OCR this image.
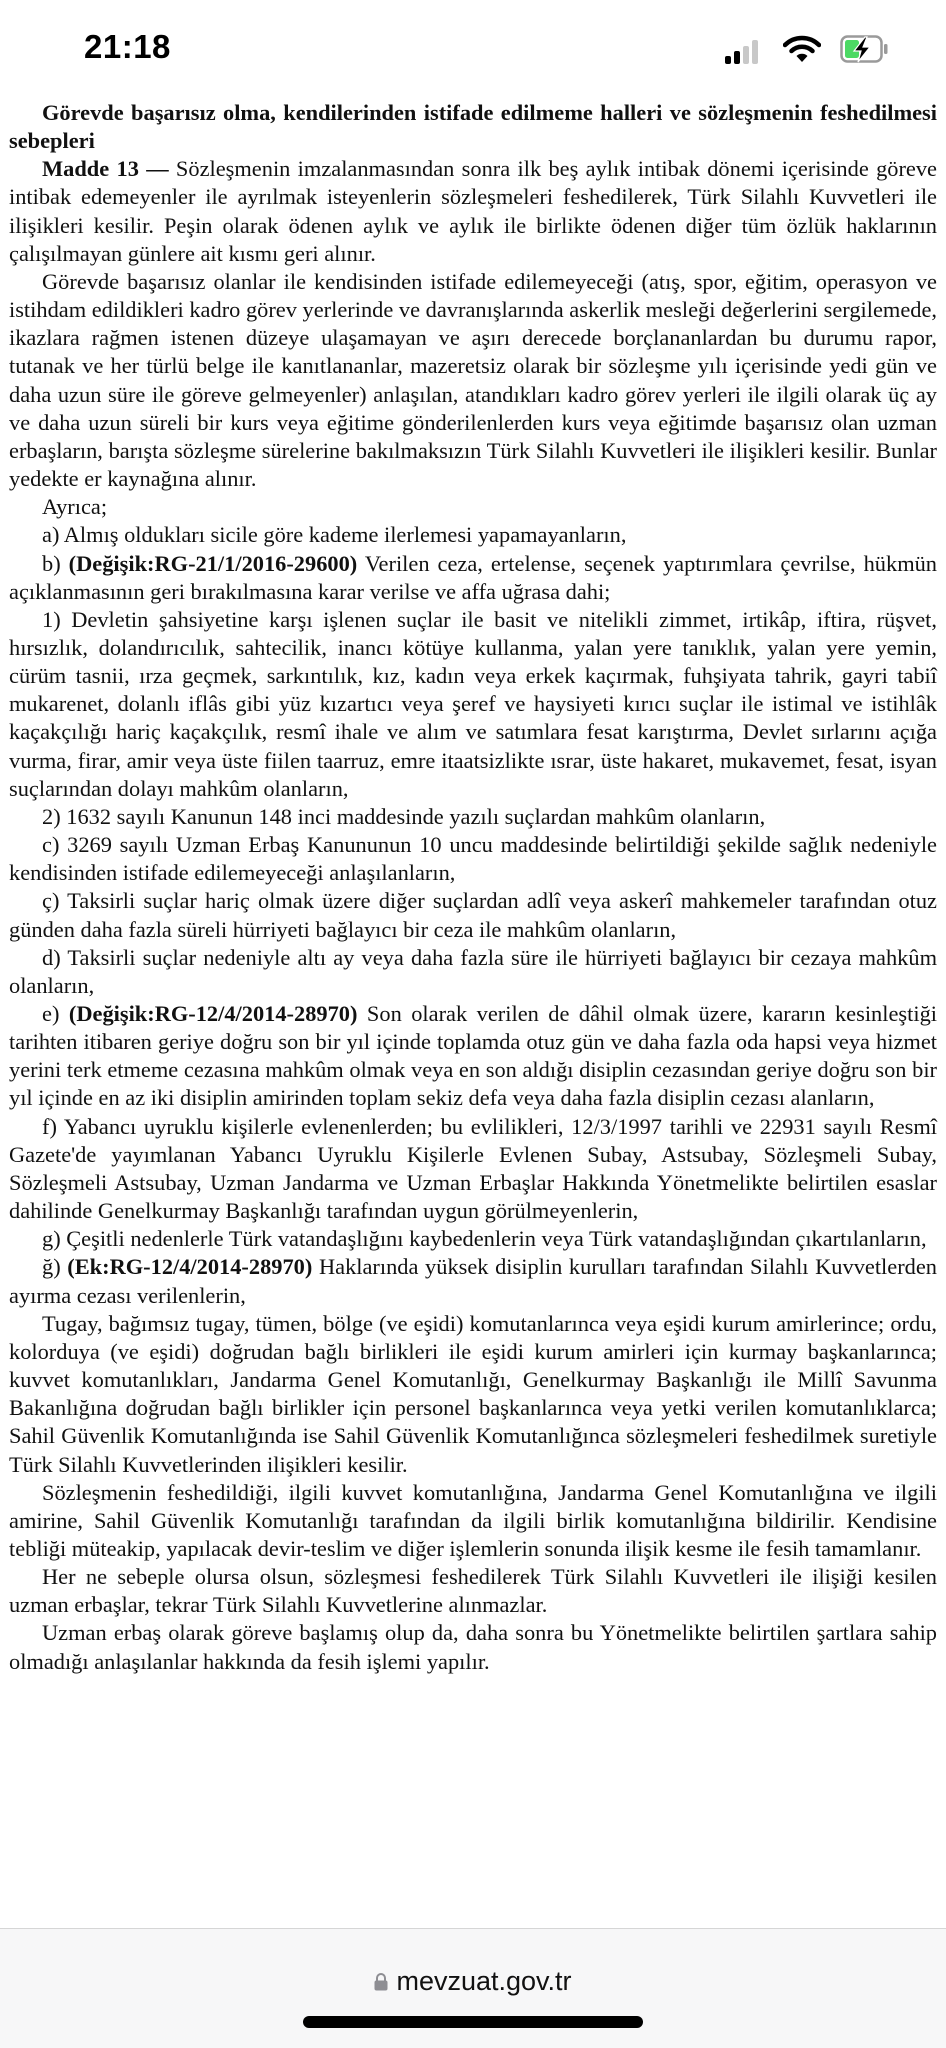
21:18

Görevde başarısız olma, kendilerinden istifade edilmeme halleri ve sözleşmenin feshedilmesi sebepleri

Madde 13 — Sözleşmenin imzalanmasından sonra ilk beş aylık intibak dönemi içerisinde göreve intibak edemeyenler ile ayrılmak isteyenlerin sözleşmeleri feshedilerek, Türk Silahlı Kuvvetleri ile ilişikleri kesilir. Peşin olarak ödenen aylık ve aylık ile birlikte ödenen diğer tüm özlük haklarının çalışılmayan günlere ait kısmı geri alınır.

Görevde başarısız olanlar ile kendisinden istifade edilemeyeceği (atış, spor, eğitim, operasyon ve istihdam edildikleri kadro görev yerlerinde ve davranışlarında askerlik mesleği değerlerini sergilemede, ikazlara rağmen istenen düzeye ulaşamayan ve aşırı derecede borçlananlardan bu durumu rapor, tutanak ve her türlü belge ile kanıtlananlar, mazeretsiz olarak bir sözleşme yılı içerisinde yedi gün ve daha uzun süre ile göreve gelmeyenler) anlaşılan, atandıkları kadro görev yerleri ile ilgili olarak üç ay ve daha uzun süreli bir kurs veya eğitime gönderilenlerden kurs veya eğitimde başarısız olan uzman erbaşların, barışta sözleşme sürelerine bakılmaksızın Türk Silahlı Kuvvetleri ile ilişikleri kesilir. Bunlar yedekte er kaynağına alınır.

Ayrıca;

a) Almış oldukları sicile göre kademe ilerlemesi yapamayanların,

b) (Değişik:RG-21/1/2016-29600) Verilen ceza, ertelense, seçenek yaptırımlara çevrilse, hükmün açıklanmasının geri bırakılmasına karar verilse ve affa uğrasa dahi;

1) Devletin şahsiyetine karşı işlenen suçlar ile basit ve nitelikli zimmet, irtikâp, iftira, rüşvet, hırsızlık, dolandırıcılık, sahtecilik, inancı kötüye kullanma, yalan yere tanıklık, yalan yere yemin, cürüm tasnii, ırza geçmek, sarkıntılık, kız, kadın veya erkek kaçırmak, fuhşiyata tahrik, gayri tabiî mukarenet, dolanlı iflâs gibi yüz kızartıcı veya şeref ve haysiyeti kırıcı suçlar ile istimal ve istihlâk kaçakçılığı hariç kaçakçılık, resmî ihale ve alım ve satımlara fesat karıştırma, Devlet sırlarını açığa vurma, firar, amir veya üste fiilen taarruz, emre itaatsizlikte ısrar, üste hakaret, mukavemet, fesat, isyan suçlarından dolayı mahkûm olanların,

2) 1632 sayılı Kanunun 148 inci maddesinde yazılı suçlardan mahkûm olanların,

c) 3269 sayılı Uzman Erbaş Kanununun 10 uncu maddesinde belirtildiği şekilde sağlık nedeniyle kendisinden istifade edilemeyeceği anlaşılanların,

ç) Taksirli suçlar hariç olmak üzere diğer suçlardan adlî veya askerî mahkemeler tarafından otuz günden daha fazla süreli hürriyeti bağlayıcı bir ceza ile mahkûm olanların,

d) Taksirli suçlar nedeniyle altı ay veya daha fazla süre ile hürriyeti bağlayıcı bir cezaya mahkûm olanların,

e) (Değişik:RG-12/4/2014-28970) Son olarak verilen de dâhil olmak üzere, kararın kesinleştiği tarihten itibaren geriye doğru son bir yıl içinde toplamda otuz gün ve daha fazla oda hapsi veya hizmet yerini terk etmeme cezasına mahkûm olmak veya en son aldığı disiplin cezasından geriye doğru son bir yıl içinde en az iki disiplin amirinden toplam sekiz defa veya daha fazla disiplin cezası alanların,

f) Yabancı uyruklu kişilerle evlenenlerden; bu evlilikleri, 12/3/1997 tarihli ve 22931 sayılı Resmî Gazete'de yayımlanan Yabancı Uyruklu Kişilerle Evlenen Subay, Astsubay, Sözleşmeli Subay, Sözleşmeli Astsubay, Uzman Jandarma ve Uzman Erbaşlar Hakkında Yönetmelikte belirtilen esaslar dahilinde Genelkurmay Başkanlığı tarafından uygun görülmeyenlerin,

g) Çeşitli nedenlerle Türk vatandaşlığını kaybedenlerin veya Türk vatandaşlığından çıkartılanların,

ğ) (Ek:RG-12/4/2014-28970) Haklarında yüksek disiplin kurulları tarafından Silahlı Kuvvetlerden ayırma cezası verilenlerin,

Tugay, bağımsız tugay, tümen, bölge (ve eşidi) komutanlarınca veya eşidi kurum amirlerince; ordu, kolorduya (ve eşidi) doğrudan bağlı birlikleri ile eşidi kurum amirleri için kurmay başkanlarınca; kuvvet komutanlıkları, Jandarma Genel Komutanlığı, Genelkurmay Başkanlığı ile Millî Savunma Bakanlığına doğrudan bağlı birlikler için personel başkanlarınca veya yetki verilen komutanlıklarca; Sahil Güvenlik Komutanlığında ise Sahil Güvenlik Komutanlığınca sözleşmeleri feshedilmek suretiyle Türk Silahlı Kuvvetlerinden ilişikleri kesilir.

Sözleşmenin feshedildiği, ilgili kuvvet komutanlığına, Jandarma Genel Komutanlığına ve ilgili amirine, Sahil Güvenlik Komutanlığı tarafından da ilgili birlik komutanlığına bildirilir. Kendisine tebliği müteakip, yapılacak devir-teslim ve diğer işlemlerin sonunda ilişik kesme ile fesih tamamlanır.

Her ne sebeple olursa olsun, sözleşmesi feshedilerek Türk Silahlı Kuvvetleri ile ilişiği kesilen uzman erbaşlar, tekrar Türk Silahlı Kuvvetlerine alınmazlar.

Uzman erbaş olarak göreve başlamış olup da, daha sonra bu Yönetmelikte belirtilen şartlara sahip olmadığı anlaşılanlar hakkında da fesih işlemi yapılır.

mevzuat.gov.tr
